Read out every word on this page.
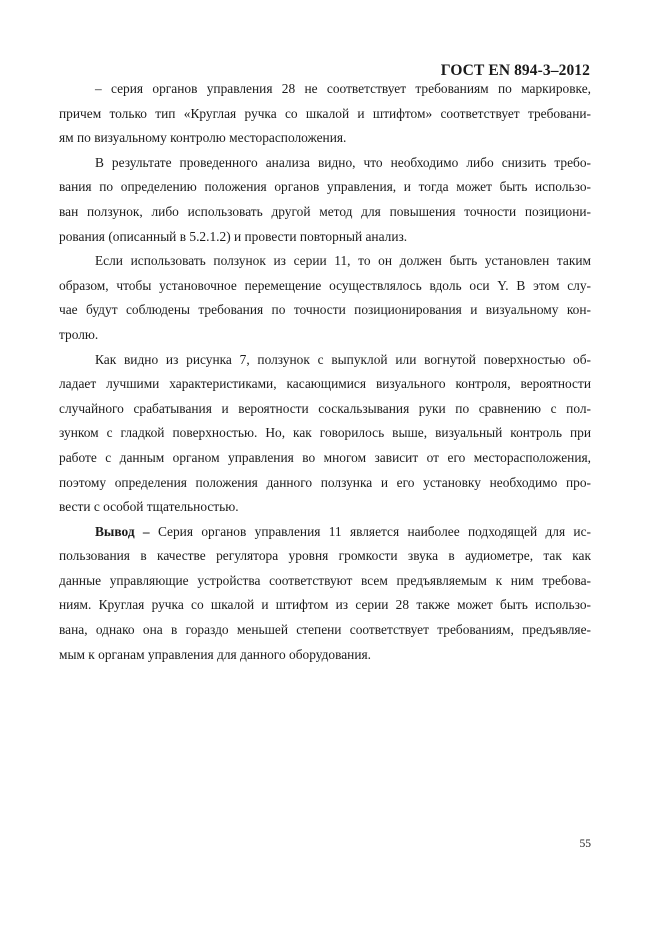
ГОСТ EN 894-3–2012
– серия органов управления 28 не соответствует требованиям по маркировке,
причем только тип «Круглая ручка со шкалой и штифтом» соответствует требовани-
ям по визуальному контролю месторасположения.
В результате проведенного анализа видно, что необходимо либо снизить требо-
вания по определению положения органов управления, и тогда может быть использо-
ван ползунок, либо использовать другой метод для повышения точности позициони-
рования (описанный в 5.2.1.2) и провести повторный анализ.
Если использовать ползунок из серии 11, то он должен быть установлен таким
образом, чтобы установочное перемещение осуществлялось вдоль оси Y. В этом слу-
чае будут соблюдены требования по точности позиционирования и визуальному кон-
тролю.
Как видно из рисунка 7, ползунок с выпуклой или вогнутой поверхностью об-
ладает лучшими характеристиками, касающимися визуального контроля, вероятности
случайного срабатывания и вероятности соскальзывания руки по сравнению с пол-
зунком с гладкой поверхностью. Но, как говорилось выше, визуальный контроль при
работе с данным органом управления во многом зависит от его месторасположения,
поэтому определения положения данного ползунка и его установку необходимо про-
вести с особой тщательностью.
Вывод – Серия органов управления 11 является наиболее подходящей для ис-
пользования в качестве регулятора уровня громкости звука в аудиометре, так как
данные управляющие устройства соответствуют всем предъявляемым к ним требова-
ниям. Круглая ручка со шкалой и штифтом из серии 28 также может быть использо-
вана, однако она в гораздо меньшей степени соответствует требованиям, предъявляе-
мым к органам управления для данного оборудования.
55
